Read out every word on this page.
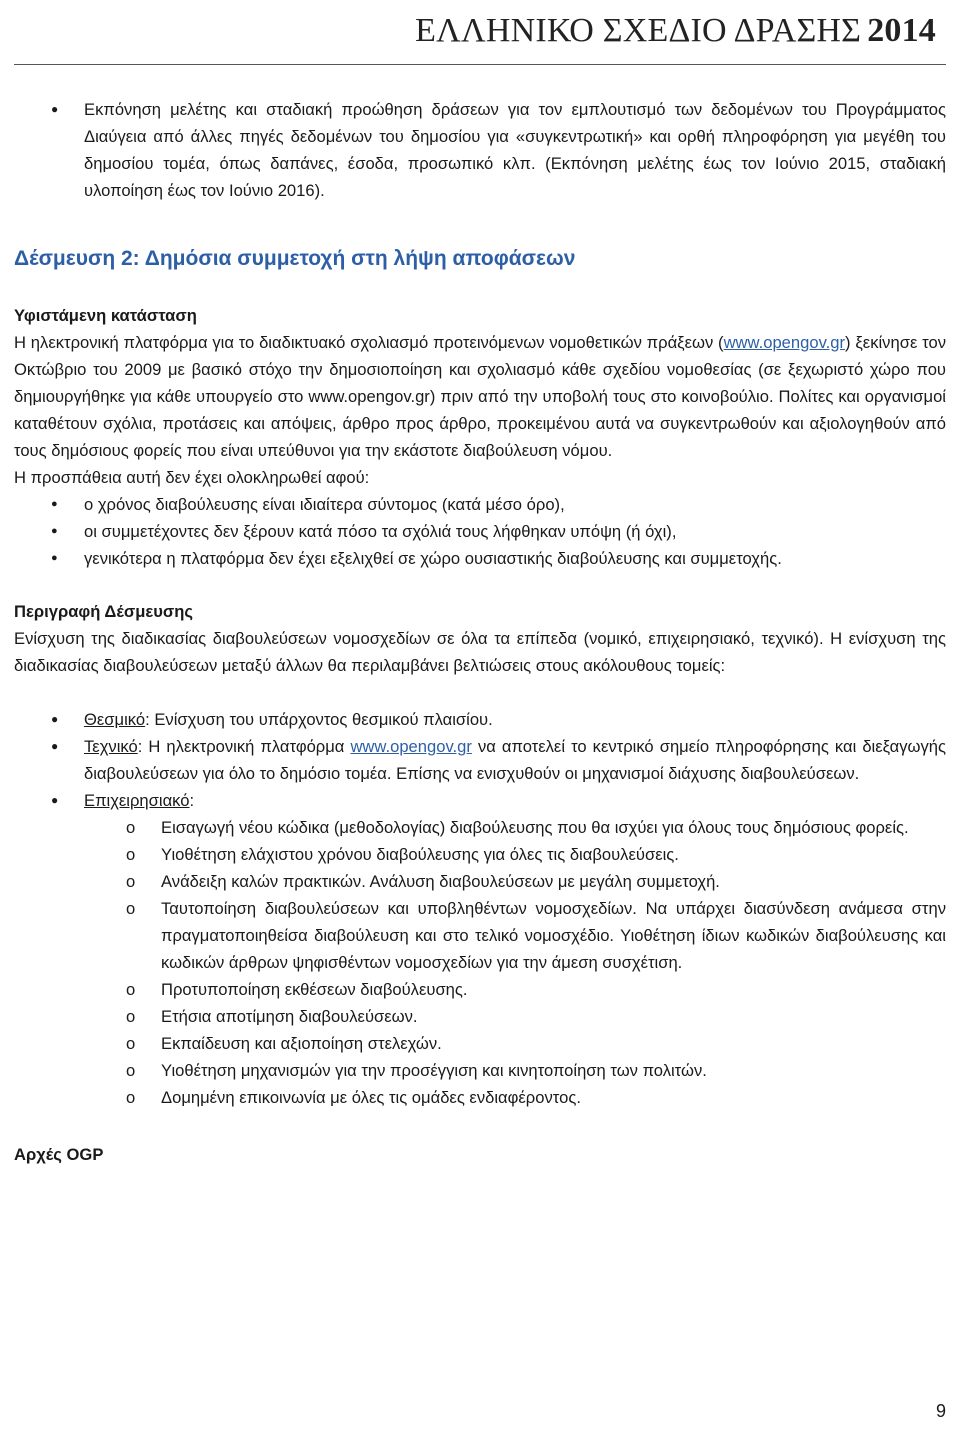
ΕΛΛΗΝΙΚΟ ΣΧΕΔΙΟ ΔΡΑΣΗΣ 2014
● Εκπόνηση μελέτης και σταδιακή προώθηση δράσεων για τον εμπλουτισμό των δεδομένων του Προγράμματος Διαύγεια από άλλες πηγές δεδομένων του δημοσίου για «συγκεντρωτική» και ορθή πληροφόρηση για μεγέθη του δημοσίου τομέα, όπως δαπάνες, έσοδα, προσωπικό κλπ. (Εκπόνηση μελέτης έως τον Ιούνιο 2015, σταδιακή υλοποίηση έως τον Ιούνιο 2016).
Δέσμευση 2: Δημόσια συμμετοχή στη λήψη αποφάσεων
Υφιστάμενη κατάσταση

Η ηλεκτρονική πλατφόρμα για το διαδικτυακό σχολιασμό προτεινόμενων νομοθετικών πράξεων (www.opengov.gr) ξεκίνησε τον Οκτώβριο του 2009 με βασικό στόχο την δημοσιοποίηση και σχολιασμό κάθε σχεδίου νομοθεσίας (σε ξεχωριστό χώρο που δημιουργήθηκε για κάθε υπουργείο στο www.opengov.gr) πριν από την υποβολή τους στο κοινοβούλιο. Πολίτες και οργανισμοί καταθέτουν σχόλια, προτάσεις και απόψεις, άρθρο προς άρθρο, προκειμένου αυτά να συγκεντρωθούν και αξιολογηθούν από τους δημόσιους φορείς που είναι υπεύθυνοι για την εκάστοτε διαβούλευση νόμου.

Η προσπάθεια αυτή δεν έχει ολοκληρωθεί αφού:

● ο χρόνος διαβούλευσης είναι ιδιαίτερα σύντομος (κατά μέσο όρο),
● οι συμμετέχοντες δεν ξέρουν κατά πόσο τα σχόλιά τους λήφθηκαν υπόψη (ή όχι),
● γενικότερα η πλατφόρμα δεν έχει εξελιχθεί σε χώρο ουσιαστικής διαβούλευσης και συμμετοχής.
Περιγραφή Δέσμευσης

Ενίσχυση της διαδικασίας διαβουλεύσεων νομοσχεδίων σε όλα τα επίπεδα (νομικό, επιχειρησιακό, τεχνικό). Η ενίσχυση της διαδικασίας διαβουλεύσεων μεταξύ άλλων θα περιλαμβάνει βελτιώσεις στους ακόλουθους τομείς:

● Θεσμικό: Ενίσχυση του υπάρχοντος θεσμικού πλαισίου.
● Τεχνικό: Η ηλεκτρονική πλατφόρμα www.opengov.gr να αποτελεί το κεντρικό σημείο πληροφόρησης και διεξαγωγής διαβουλεύσεων για όλο το δημόσιο τομέα. Επίσης να ενισχυθούν οι μηχανισμοί διάχυσης διαβουλεύσεων.
● Επιχειρησιακό:
o Εισαγωγή νέου κώδικα (μεθοδολογίας) διαβούλευσης που θα ισχύει για όλους τους δημόσιους φορείς.
o Υιοθέτηση ελάχιστου χρόνου διαβούλευσης για όλες τις διαβουλεύσεις.
o Ανάδειξη καλών πρακτικών. Ανάλυση διαβουλεύσεων με μεγάλη συμμετοχή.
o Ταυτοποίηση διαβουλεύσεων και υποβληθέντων νομοσχεδίων. Να υπάρχει διασύνδεση ανάμεσα στην πραγματοποιηθείσα διαβούλευση και στο τελικό νομοσχέδιο. Υιοθέτηση ίδιων κωδικών διαβούλευσης και κωδικών άρθρων ψηφισθέντων νομοσχεδίων για την άμεση συσχέτιση.
o Προτυποποίηση εκθέσεων διαβούλευσης.
o Ετήσια αποτίμηση διαβουλεύσεων.
o Εκπαίδευση και αξιοποίηση στελεχών.
o Υιοθέτηση μηχανισμών για την προσέγγιση και κινητοποίηση των πολιτών.
o Δομημένη επικοινωνία με όλες τις ομάδες ενδιαφέροντος.
Αρχές OGP
9
